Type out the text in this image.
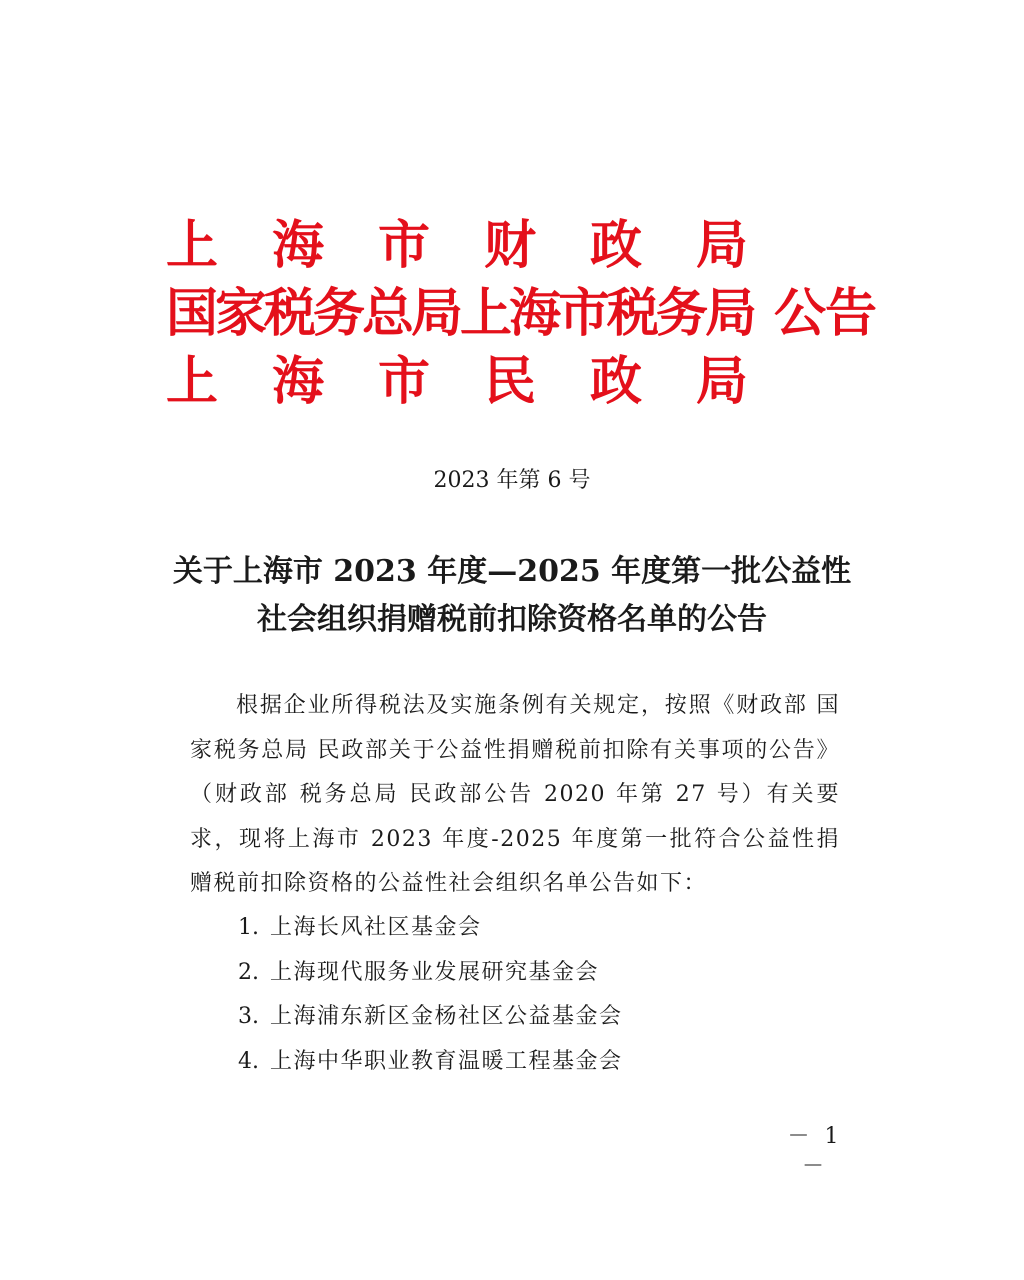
上 海 市 财 政 局
国家税务总局上海市税务局 公告
上 海 市 民 政 局
2023 年第 6 号
关于上海市 2023 年度—2025 年度第一批公益性
社会组织捐赠税前扣除资格名单的公告
根据企业所得税法及实施条例有关规定，按照《财政部 国家税务总局 民政部关于公益性捐赠税前扣除有关事项的公告》（财政部 税务总局 民政部公告 2020 年第 27 号）有关要求，现将上海市 2023 年度-2025 年度第一批符合公益性捐赠税前扣除资格的公益性社会组织名单公告如下：
1. 上海长风社区基金会
2. 上海现代服务业发展研究基金会
3. 上海浦东新区金杨社区公益基金会
4. 上海中华职业教育温暖工程基金会
－ 1 －
